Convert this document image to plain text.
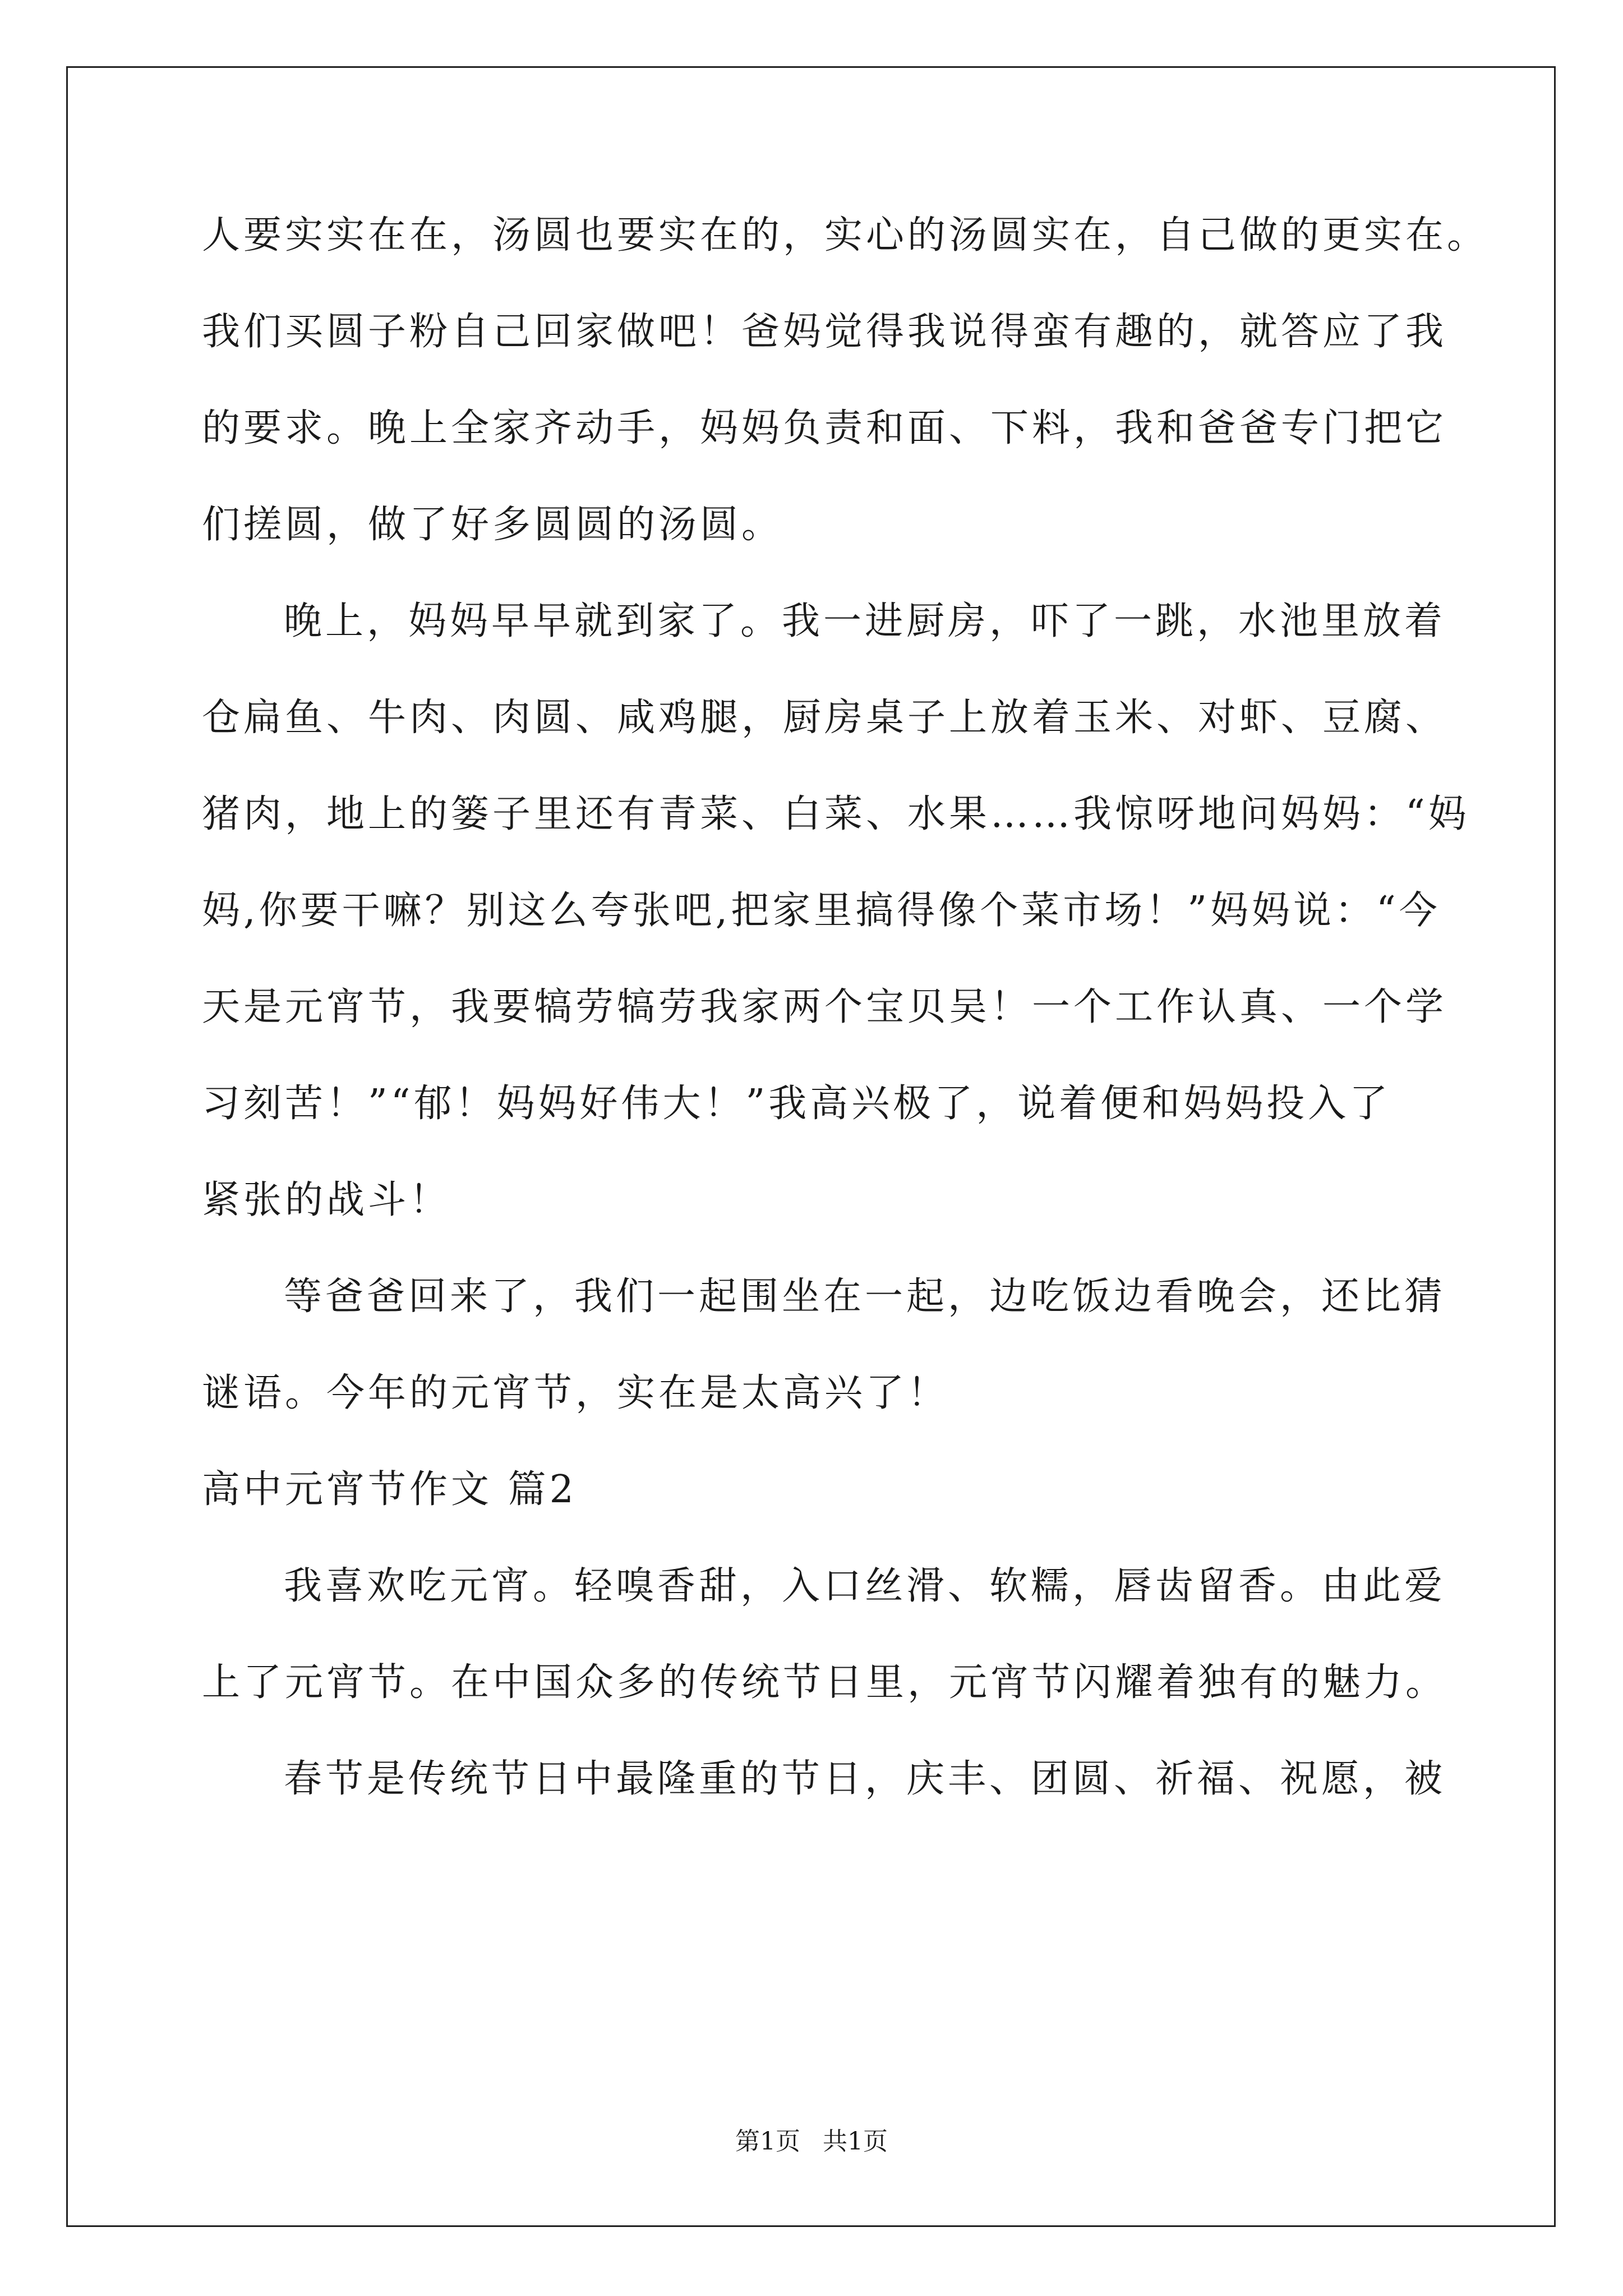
人要实实在在，汤圆也要实在的，实心的汤圆实在，自己做的更实在。
我们买圆子粉自己回家做吧！爸妈觉得我说得蛮有趣的，就答应了我
的要求。晚上全家齐动手，妈妈负责和面、下料，我和爸爸专门把它
们搓圆，做了好多圆圆的汤圆。
晚上，妈妈早早就到家了。我一进厨房，吓了一跳，水池里放着
仓扁鱼、牛肉、肉圆、咸鸡腿，厨房桌子上放着玉米、对虾、豆腐、
猪肉，地上的篓子里还有青菜、白菜、水果……我惊呀地问妈妈：“妈
妈,你要干嘛？别这么夸张吧,把家里搞得像个菜市场！”妈妈说：“今
天是元宵节，我要犒劳犒劳我家两个宝贝吴！一个工作认真、一个学
习刻苦！”“郁！妈妈好伟大！”我高兴极了，说着便和妈妈投入了
紧张的战斗！
等爸爸回来了，我们一起围坐在一起，边吃饭边看晚会，还比猜
谜语。今年的元宵节，实在是太高兴了！
高中元宵节作文 篇2
我喜欢吃元宵。轻嗅香甜，入口丝滑、软糯，唇齿留香。由此爱
上了元宵节。在中国众多的传统节日里，元宵节闪耀着独有的魅力。
春节是传统节日中最隆重的节日，庆丰、团圆、祈福、祝愿，被
第1页 共1页
